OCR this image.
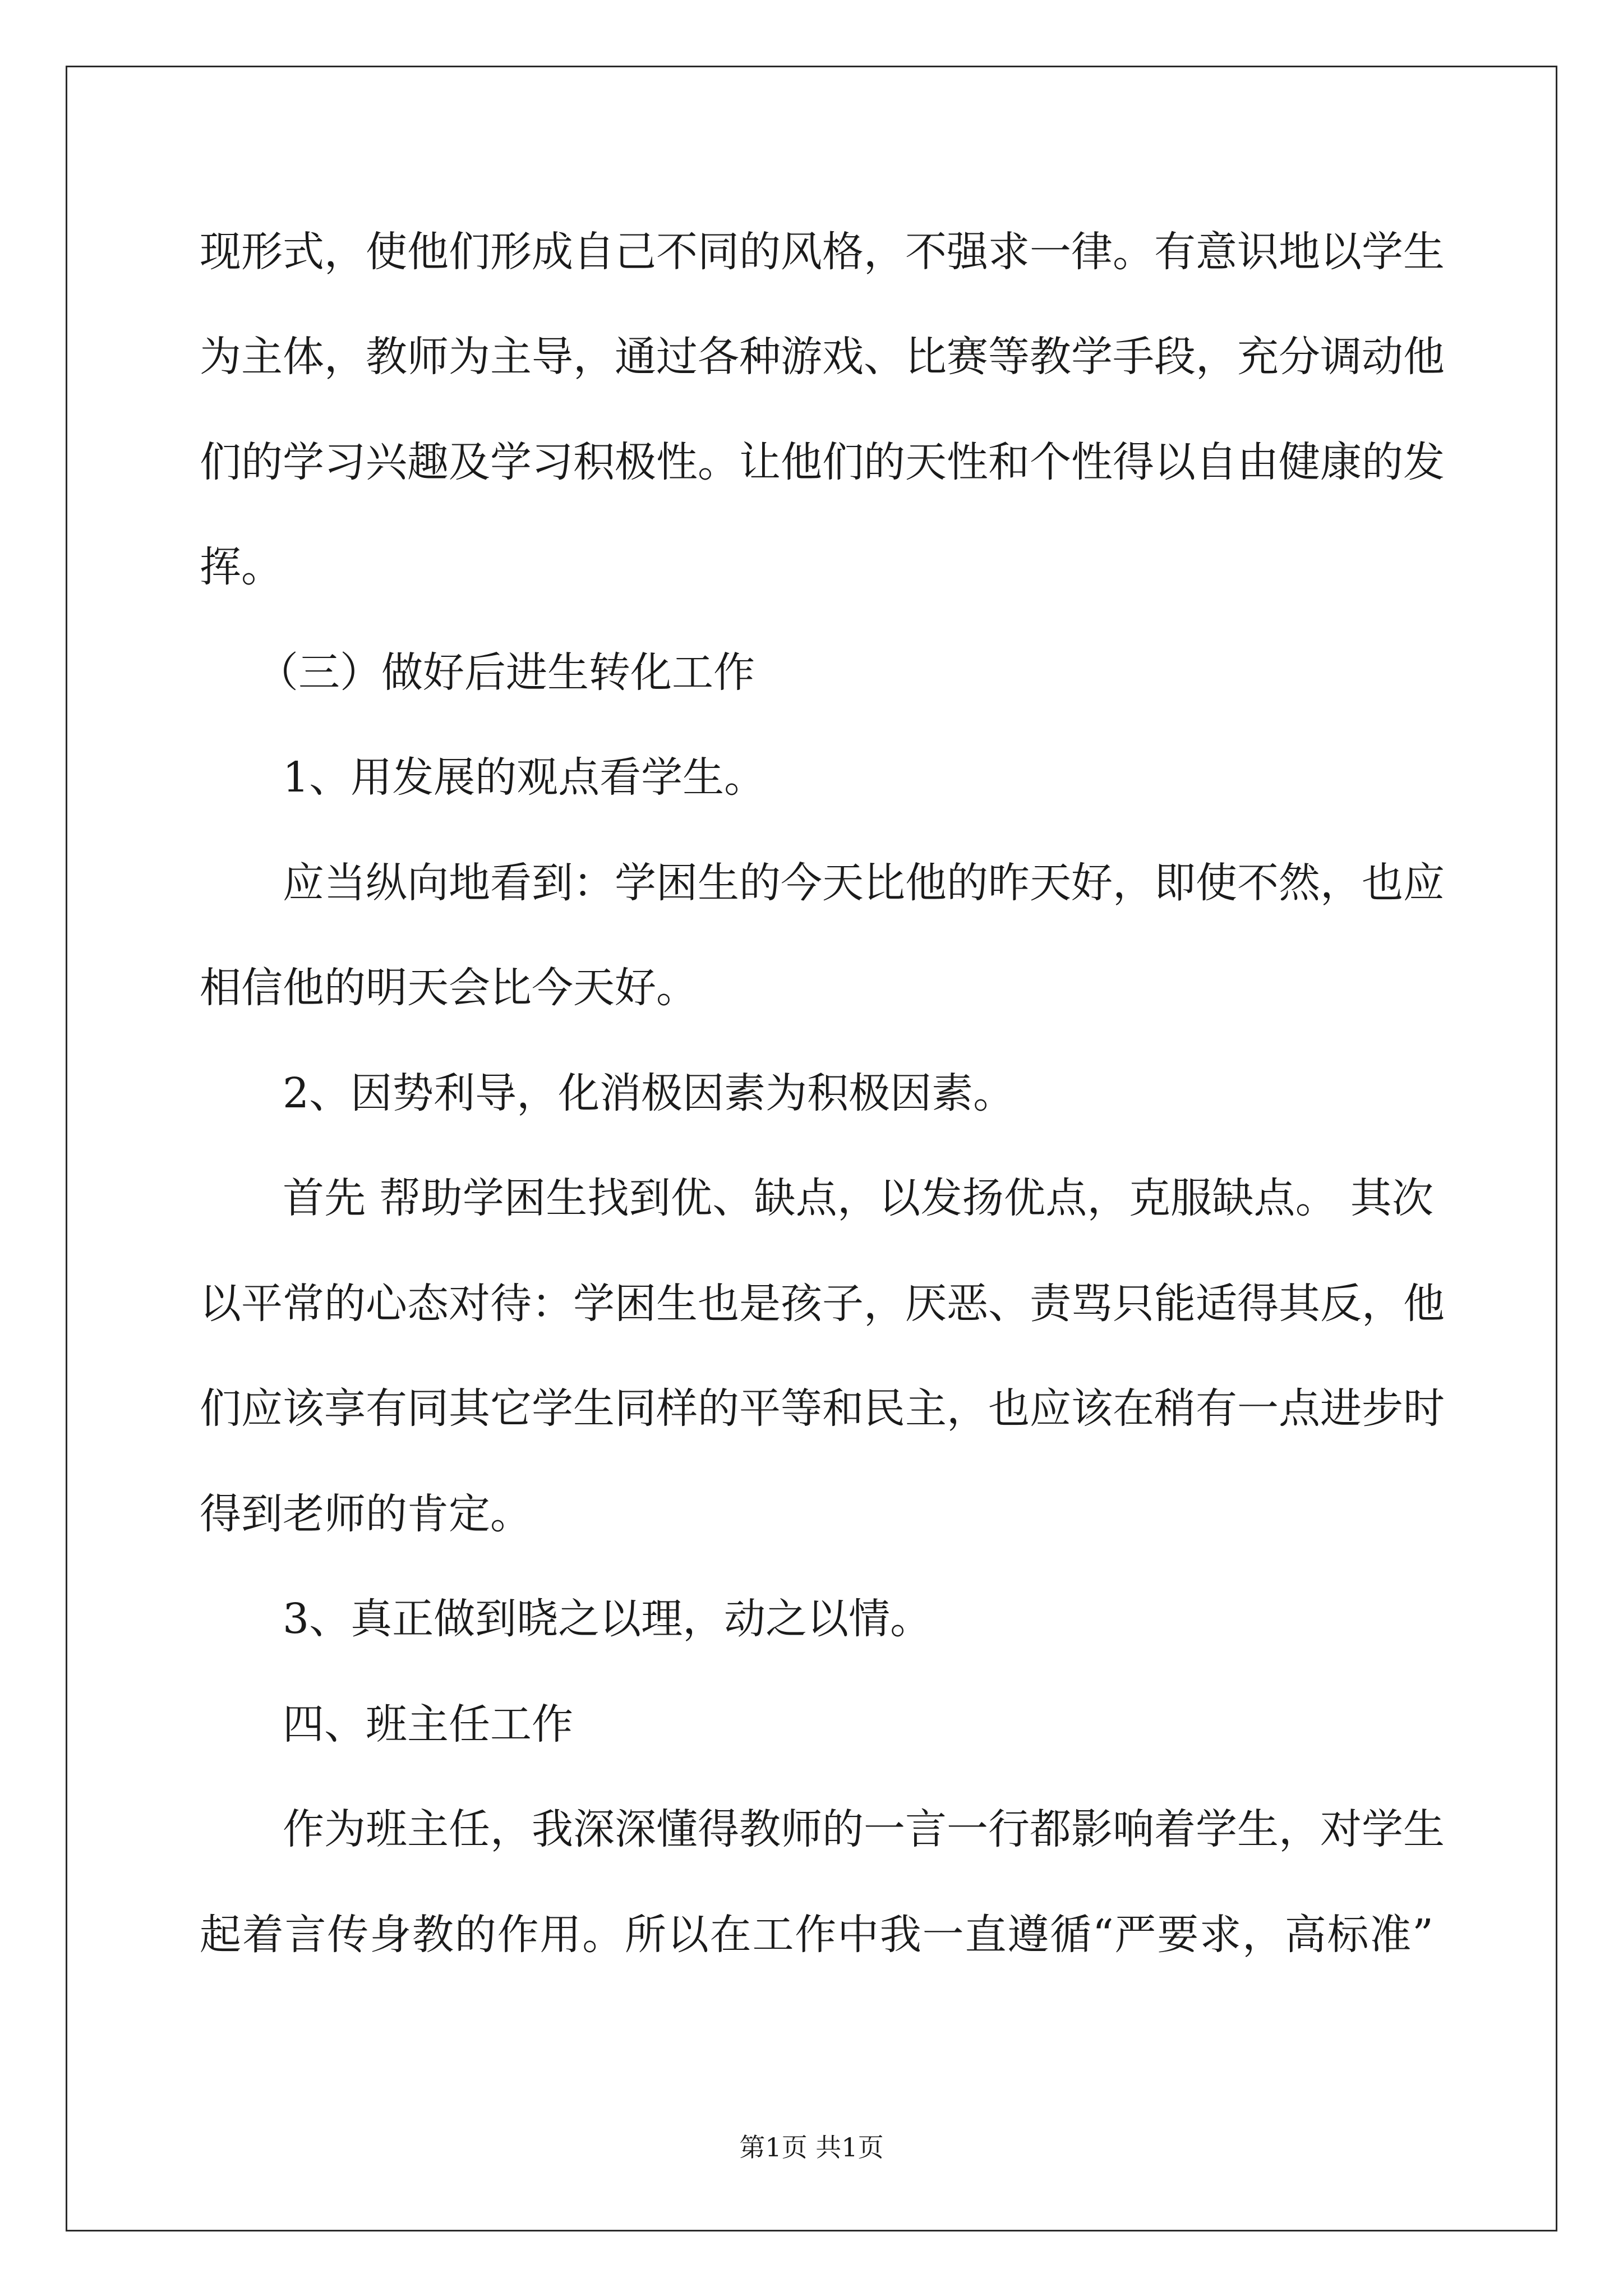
现形式，使他们形成自己不同的风格，不强求一律。有意识地以学生

为主体，教师为主导，通过各种游戏、比赛等教学手段，充分调动他

们的学习兴趣及学习积极性。让他们的天性和个性得以自由健康的发

挥。

（三）做好后进生转化工作

1、用发展的观点看学生。

应当纵向地看到：学困生的今天比他的昨天好，即使不然，也应

相信他的明天会比今天好。

2、因势利导，化消极因素为积极因素。

首先 帮助学困生找到优、缺点，以发扬优点，克服缺点。 其次

以平常的心态对待：学困生也是孩子，厌恶、责骂只能适得其反，他

们应该享有同其它学生同样的平等和民主，也应该在稍有一点进步时

得到老师的肯定。

3、真正做到晓之以理，动之以情。

四、班主任工作

作为班主任，我深深懂得教师的一言一行都影响着学生，对学生

起着言传身教的作用。所以在工作中我一直遵循“严要求，高标准”

第1页 共1页
